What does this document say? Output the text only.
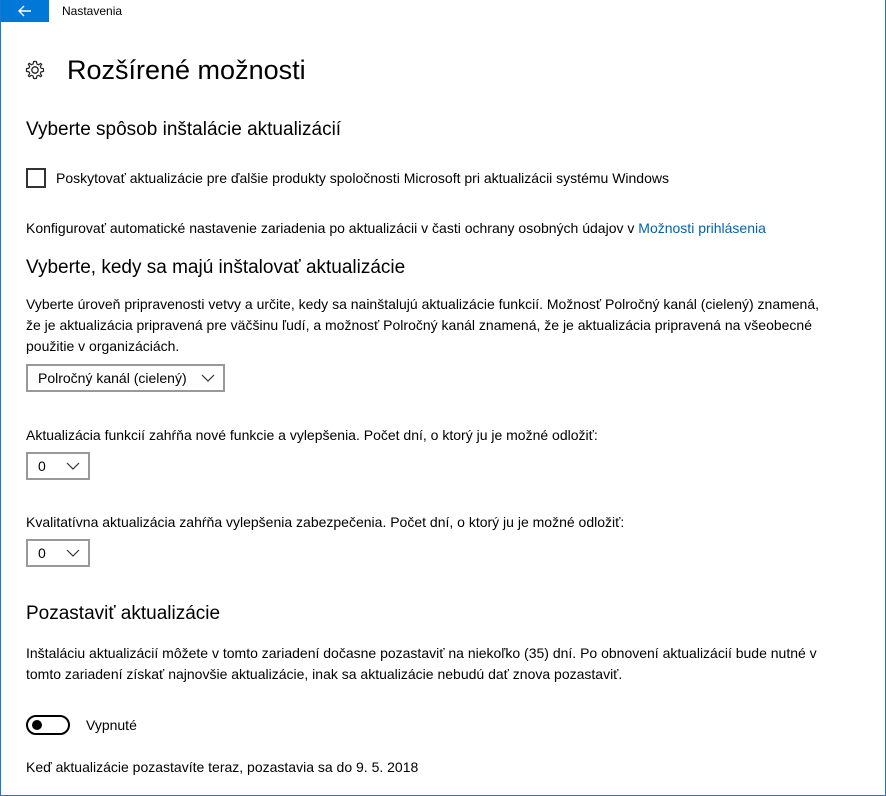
Nastavenia
Rozšírené možnosti
Vyberte spôsob inštalácie aktualizácií
Poskytovať aktualizácie pre ďalšie produkty spoločnosti Microsoft pri aktualizácii systému Windows
Konfigurovať automatické nastavenie zariadenia po aktualizácii v časti ochrany osobných údajov v Možnosti prihlásenia
Vyberte, kedy sa majú inštalovať aktualizácie
Vyberte úroveň pripravenosti vetvy a určite, kedy sa nainštalujú aktualizácie funkcií. Možnosť Polročný kanál (cielený) znamená, že je aktualizácia pripravená pre väčšinu ľudí, a možnosť Polročný kanál znamená, že je aktualizácia pripravená na všeobecné použitie v organizáciách.
Polročný kanál (cielený)
Aktualizácia funkcií zahŕňa nové funkcie a vylepšenia. Počet dní, o ktorý ju je možné odložiť:
0
Kvalitatívna aktualizácia zahŕňa vylepšenia zabezpečenia. Počet dní, o ktorý ju je možné odložiť:
0
Pozastaviť aktualizácie
Inštaláciu aktualizácií môžete v tomto zariadení dočasne pozastaviť na niekoľko (35) dní. Po obnovení aktualizácií bude nutné v tomto zariadení získať najnovšie aktualizácie, inak sa aktualizácie nebudú dať znova pozastaviť.
Vypnuté
Keď aktualizácie pozastavíte teraz, pozastavia sa do 9. 5. 2018
